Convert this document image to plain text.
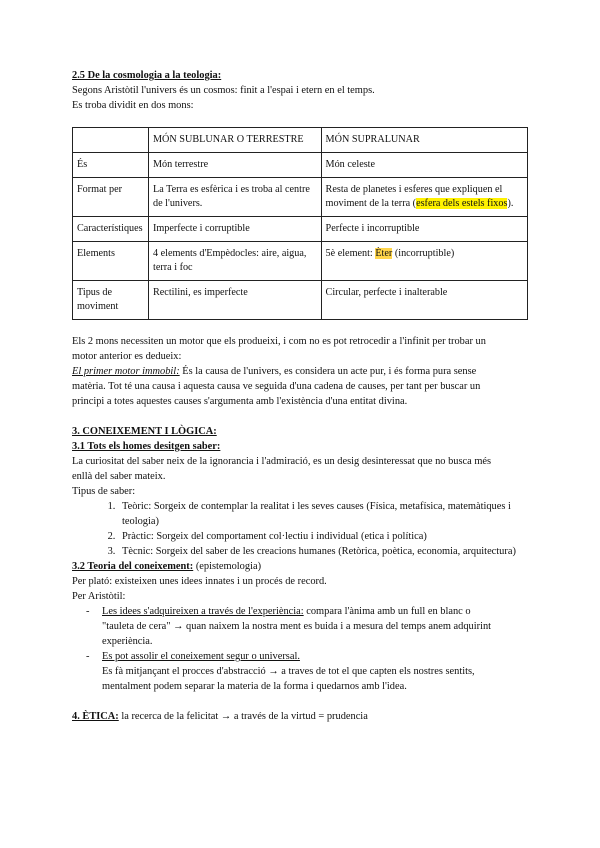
2.5 De la cosmologia a la teologia:
Segons Aristòtil l'univers és un cosmos: finit a l'espai i etern en el temps.
Es troba dividit en dos mons:
	MÓN SUBLUNAR O TERRESTRE	MÓN SUPRALUNAR
És	Món terrestre	Món celeste
Format per	La Terra es esfèrica i es troba al centre de l'univers.	Resta de planetes i esferes que expliquen el moviment de la terra (esfera dels estels fixos).
Característiques	Imperfecte i corruptible	Perfecte i incorruptible
Elements	4 elements d'Empèdocles: aire, aigua, terra i foc	5è element: Èter (incorruptible)
Tipus de moviment	Rectilini, es imperfecte	Circular, perfecte i inalterable
Els 2 mons necessiten un motor que els produeixi, i com no es pot retrocedir a l'infinit per trobar un
motor anterior es dedueix:
El primer motor immobil: És la causa de l'univers, es considera un acte pur, i és forma pura sense
matèria. Tot té una causa i aquesta causa ve seguida d'una cadena de causes, per tant per buscar un
principi a totes aquestes causes s'argumenta amb l'existència d'una entitat divina.
3. CONEIXEMENT I LÒGICA:
3.1 Tots els homes desitgen saber:
La curiositat del saber neix de la ignorancia i l'admiració, es un desig desinteressat que no busca més
enllà del saber mateix.
Tipus de saber:
1. Teòric: Sorgeix de contemplar la realitat i les seves causes (Física, metafísica, matemàtiques i teologia)
2. Pràctic: Sorgeix del comportament col·lectiu i individual (etica i política)
3. Tècnic: Sorgeix del saber de les creacions humanes (Retòrica, poètica, economia, arquitectura)
3.2 Teoria del coneixement: (epistemologia)
Per plató: existeixen unes idees innates i un procés de record.
Per Aristòtil:
- Les idees s'adquireixen a través de l'experiència: compara l'ànima amb un full en blanc o
"tauleta de cera" → quan naixem la nostra ment es buida i a mesura del temps anem adquirint
experiència.
- Es pot assolir el coneixement segur o universal.
Es fà mitjançant el procces d'abstracció → a traves de tot el que capten els nostres sentits,
mentalment podem separar la materia de la forma i quedarnos amb l'idea.
4. ÈTICA: la recerca de la felicitat → a través de la virtud = prudencia
